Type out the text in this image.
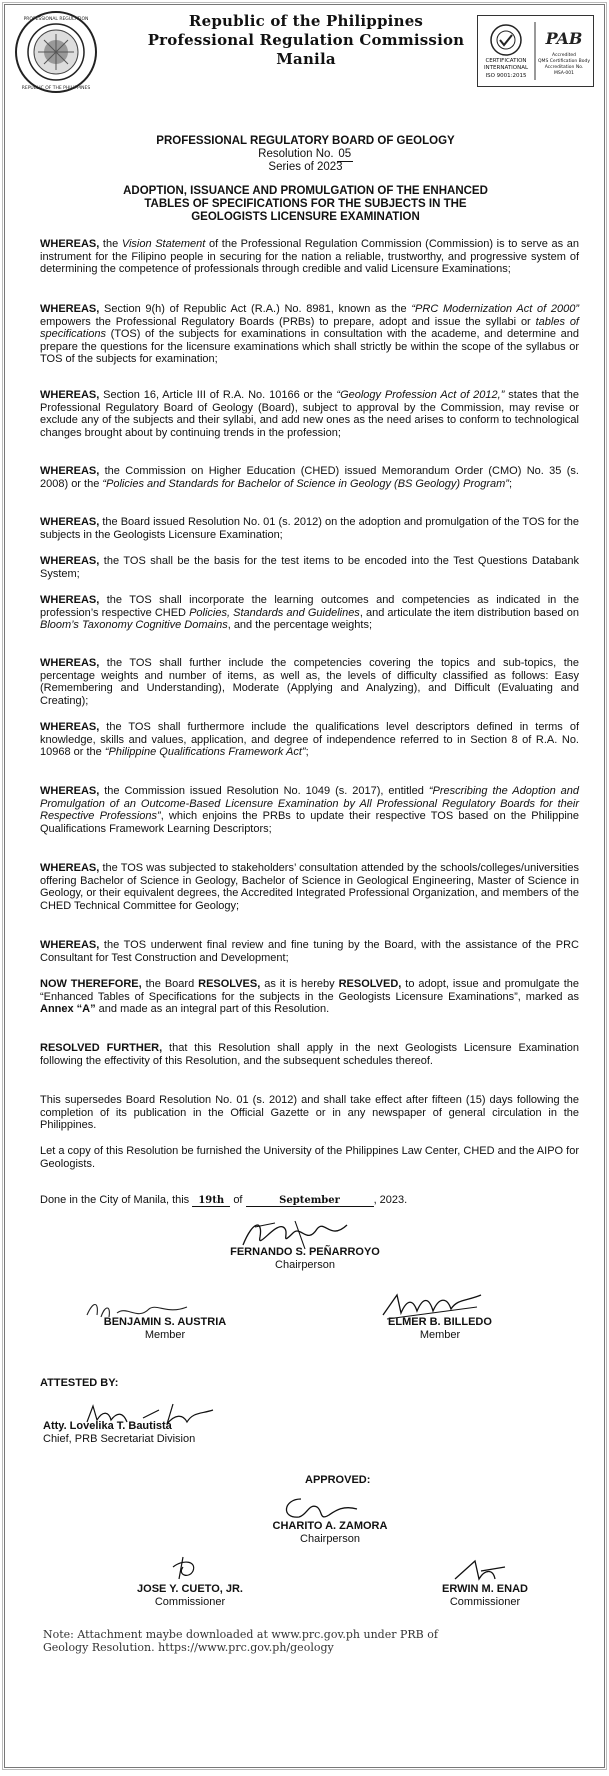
PROFESSIONAL REGULATION
REPUBLIC OF THE PHILIPPINES
Republic of the Philippines
Professional Regulation Commission
Manila	CERTIFICATION
INTERNATIONAL
ISO 9001:2015
PAB
Accredited
QMS Certification Body
Accreditation No.
MSA-001
PROFESSIONAL REGULATORY BOARD OF GEOLOGY
Resolution No. 05
Series of 2023
ADOPTION, ISSUANCE AND PROMULGATION OF THE ENHANCED
TABLES OF SPECIFICATIONS FOR THE SUBJECTS IN THE
GEOLOGISTS LICENSURE EXAMINATION
WHEREAS, the Vision Statement of the Professional Regulation Commission (Commission) is to serve as an instrument for the Filipino people in securing for the nation a reliable, trustworthy, and progressive system of determining the competence of professionals through credible and valid Licensure Examinations;
WHEREAS, Section 9(h) of Republic Act (R.A.) No. 8981, known as the “PRC Modernization Act of 2000” empowers the Professional Regulatory Boards (PRBs) to prepare, adopt and issue the syllabi or tables of specifications (TOS) of the subjects for examinations in consultation with the academe, and determine and prepare the questions for the licensure examinations which shall strictly be within the scope of the syllabus or TOS of the subjects for examination;
WHEREAS, Section 16, Article III of R.A. No. 10166 or the “Geology Profession Act of 2012,” states that the Professional Regulatory Board of Geology (Board), subject to approval by the Commission, may revise or exclude any of the subjects and their syllabi, and add new ones as the need arises to conform to technological changes brought about by continuing trends in the profession;
WHEREAS, the Commission on Higher Education (CHED) issued Memorandum Order (CMO) No. 35 (s. 2008) or the “Policies and Standards for Bachelor of Science in Geology (BS Geology) Program”;
WHEREAS, the Board issued Resolution No. 01 (s. 2012) on the adoption and promulgation of the TOS for the subjects in the Geologists Licensure Examination;
WHEREAS, the TOS shall be the basis for the test items to be encoded into the Test Questions Databank System;
WHEREAS, the TOS shall incorporate the learning outcomes and competencies as indicated in the profession’s respective CHED Policies, Standards and Guidelines, and articulate the item distribution based on Bloom’s Taxonomy Cognitive Domains, and the percentage weights;
WHEREAS, the TOS shall further include the competencies covering the topics and sub-topics, the percentage weights and number of items, as well as, the levels of difficulty classified as follows: Easy (Remembering and Understanding), Moderate (Applying and Analyzing), and Difficult (Evaluating and Creating);
WHEREAS, the TOS shall furthermore include the qualifications level descriptors defined in terms of knowledge, skills and values, application, and degree of independence referred to in Section 8 of R.A. No. 10968 or the “Philippine Qualifications Framework Act”;
WHEREAS, the Commission issued Resolution No. 1049 (s. 2017), entitled “Prescribing the Adoption and Promulgation of an Outcome-Based Licensure Examination by All Professional Regulatory Boards for their Respective Professions”, which enjoins the PRBs to update their respective TOS based on the Philippine Qualifications Framework Learning Descriptors;
WHEREAS, the TOS was subjected to stakeholders’ consultation attended by the schools/colleges/universities offering Bachelor of Science in Geology, Bachelor of Science in Geological Engineering, Master of Science in Geology, or their equivalent degrees, the Accredited Integrated Professional Organization, and members of the CHED Technical Committee for Geology;
WHEREAS, the TOS underwent final review and fine tuning by the Board, with the assistance of the PRC Consultant for Test Construction and Development;
NOW THEREFORE, the Board RESOLVES, as it is hereby RESOLVED, to adopt, issue and promulgate the “Enhanced Tables of Specifications for the subjects in the Geologists Licensure Examinations”, marked as Annex “A” and made as an integral part of this Resolution.
RESOLVED FURTHER, that this Resolution shall apply in the next Geologists Licensure Examination following the effectivity of this Resolution, and the subsequent schedules thereof.
This supersedes Board Resolution No. 01 (s. 2012) and shall take effect after fifteen (15) days following the completion of its publication in the Official Gazette or in any newspaper of general circulation in the Philippines.
Let a copy of this Resolution be furnished the University of the Philippines Law Center, CHED and the AIPO for Geologists.
Done in the City of Manila, this 19th of	September	, 2023.
FERNANDO S. PEÑARROYO
Chairperson
BENJAMIN S. AUSTRIA
Member
ELMER B. BILLEDO
Member
ATTESTED BY:
Atty. Lovelika T. Bautista
Chief, PRB Secretariat Division
APPROVED:
CHARITO A. ZAMORA
Chairperson
JOSE Y. CUETO, JR.
Commissioner
ERWIN M. ENAD
Commissioner
Note: Attachment maybe downloaded at www.prc.gov.ph under PRB of
Geology Resolution. https://www.prc.gov.ph/geology
